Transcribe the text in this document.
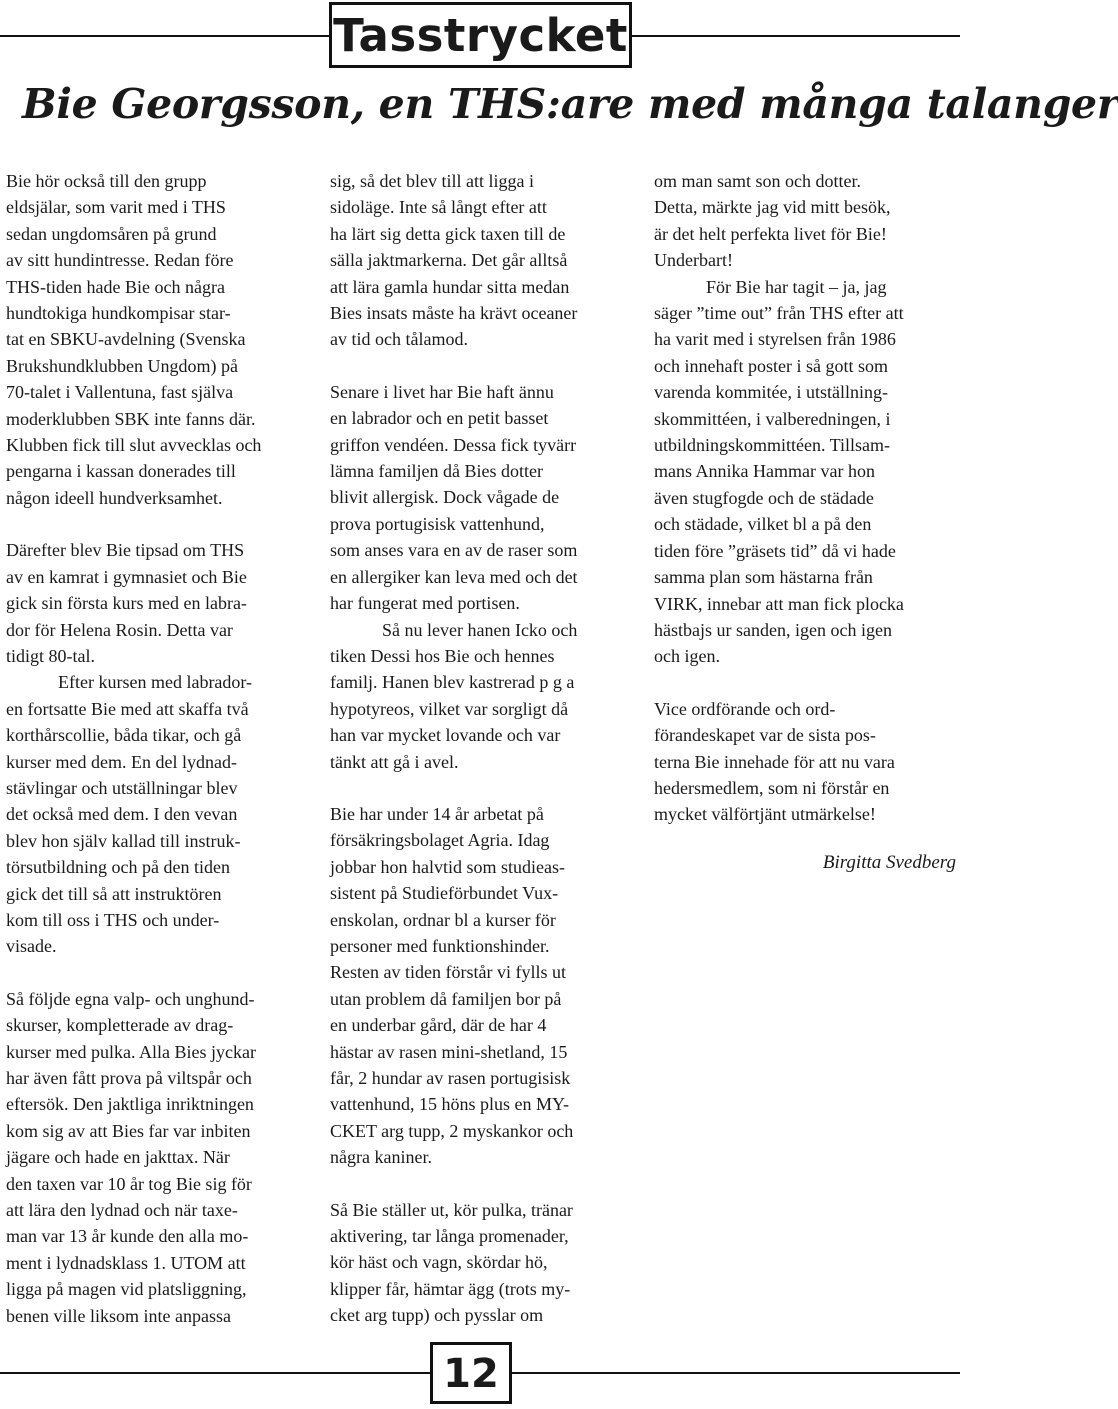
Tasstrycket
Bie Georgsson, en THS:are med många talanger

Bie hör också till den grupp

eldsjälar, som varit med i THS

sedan ungdomsåren på grund

av sitt hundintresse. Redan före

THS-tiden hade Bie och några

hundtokiga hundkompisar star-

tat en SBKU-avdelning (Svenska

Brukshundklubben Ungdom) på

70-talet i Vallentuna, fast själva

moderklubben SBK inte fanns där.

Klubben fick till slut avvecklas och

pengarna i kassan donerades till

någon ideell hundverksamhet.

Därefter blev Bie tipsad om THS

av en kamrat i gymnasiet och Bie

gick sin första kurs med en labra-

dor för Helena Rosin. Detta var

tidigt 80-tal.

Efter kursen med labrador-

en fortsatte Bie med att skaffa två

korthårscollie, båda tikar, och gå

kurser med dem. En del lydnad-

stävlingar och utställningar blev

det också med dem. I den vevan

blev hon själv kallad till instruk-

törsutbildning och på den tiden

gick det till så att instruktören

kom till oss i THS och under-

visade.

Så följde egna valp- och unghund-

skurser, kompletterade av drag-

kurser med pulka. Alla Bies jyckar

har även fått prova på viltspår och

eftersök. Den jaktliga inriktningen

kom sig av att Bies far var inbiten

jägare och hade en jakttax. När

den taxen var 10 år tog Bie sig för

att lära den lydnad och när taxe-

man var 13 år kunde den alla mo-

ment i lydnadsklass 1. UTOM att

ligga på magen vid platsliggning,

benen ville liksom inte anpassa

sig, så det blev till att ligga i

sidoläge. Inte så långt efter att

ha lärt sig detta gick taxen till de

sälla jaktmarkerna. Det går alltså

att lära gamla hundar sitta medan

Bies insats måste ha krävt oceaner

av tid och tålamod.

Senare i livet har Bie haft ännu

en labrador och en petit basset

griffon vendéen. Dessa fick tyvärr

lämna familjen då Bies dotter

blivit allergisk. Dock vågade de

prova portugisisk vattenhund,

som anses vara en av de raser som

en allergiker kan leva med och det

har fungerat med portisen.

Så nu lever hanen Icko och

tiken Dessi hos Bie och hennes

familj. Hanen blev kastrerad p g a

hypotyreos, vilket var sorgligt då

han var mycket lovande och var

tänkt att gå i avel.

Bie har under 14 år arbetat på

försäkringsbolaget Agria. Idag

jobbar hon halvtid som studieas-

sistent på Studieförbundet Vux-

enskolan, ordnar bl a kurser för

personer med funktionshinder.

Resten av tiden förstår vi fylls ut

utan problem då familjen bor på

en underbar gård, där de har 4

hästar av rasen mini-shetland, 15

får, 2 hundar av rasen portugisisk

vattenhund, 15 höns plus en MY-

CKET arg tupp, 2 myskankor och

några kaniner.

Så Bie ställer ut, kör pulka, tränar

aktivering, tar långa promenader,

kör häst och vagn, skördar hö,

klipper får, hämtar ägg (trots my-

cket arg tupp) och pysslar om

om man samt son och dotter.

Detta, märkte jag vid mitt besök,

är det helt perfekta livet för Bie!

Underbart!

För Bie har tagit – ja, jag

säger ”time out” från THS efter att

ha varit med i styrelsen från 1986

och innehaft poster i så gott som

varenda kommitée, i utställning-

skommittéen, i valberedningen, i

utbildningskommittéen. Tillsam-

mans Annika Hammar var hon

även stugfogde och de städade

och städade, vilket bl a på den

tiden före ”gräsets tid” då vi hade

samma plan som hästarna från

VIRK, innebar att man fick plocka

hästbajs ur sanden, igen och igen

och igen.

Vice ordförande och ord-

förandeskapet var de sista pos-

terna Bie innehade för att nu vara

hedersmedlem, som ni förstår en

mycket välförtjänt utmärkelse!

Birgitta Svedberg
12
